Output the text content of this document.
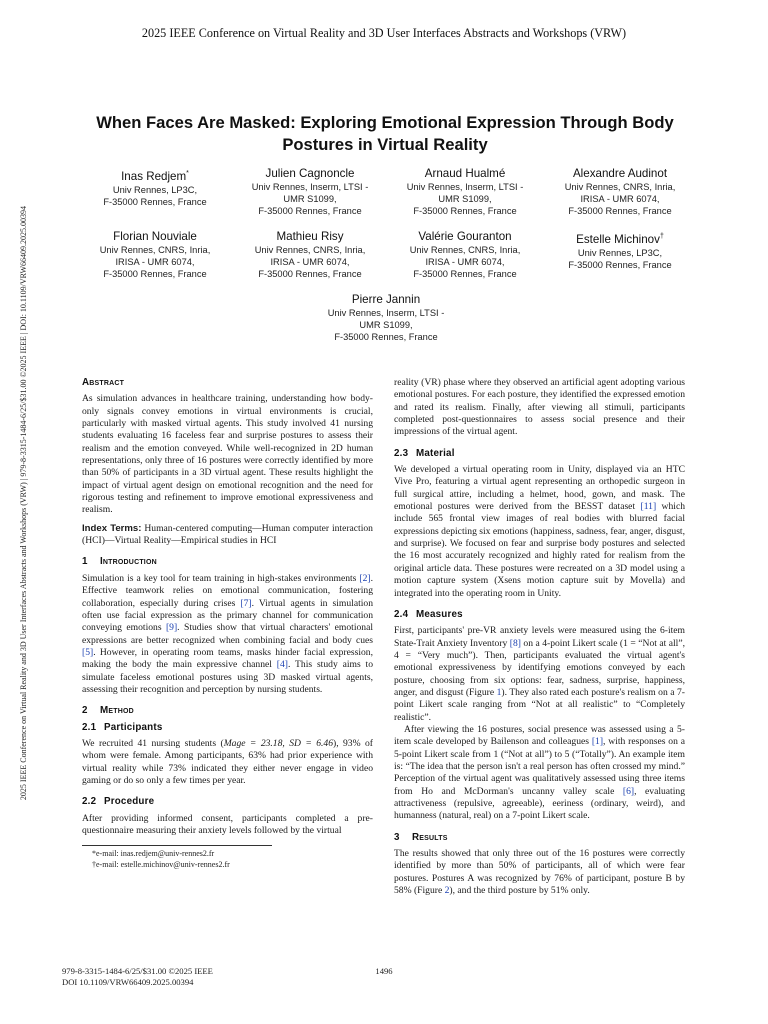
2025 IEEE Conference on Virtual Reality and 3D User Interfaces Abstracts and Workshops (VRW)
2025 IEEE Conference on Virtual Reality and 3D User Interfaces Abstracts and Workshops (VRW) | 979-8-3315-1484-6/25/$31.00 ©2025 IEEE | DOI: 10.1109/VRW66409.2025.00394
When Faces Are Masked: Exploring Emotional Expression Through Body Postures in Virtual Reality
Inas Redjem*
Univ Rennes, LP3C,
F-35000 Rennes, France
Julien Cagnoncle
Univ Rennes, Inserm, LTSI -
UMR S1099,
F-35000 Rennes, France
Arnaud Hualmé
Univ Rennes, Inserm, LTSI -
UMR S1099,
F-35000 Rennes, France
Alexandre Audinot
Univ Rennes, CNRS, Inria,
IRISA - UMR 6074,
F-35000 Rennes, France
Florian Nouviale
Univ Rennes, CNRS, Inria,
IRISA - UMR 6074,
F-35000 Rennes, France
Mathieu Risy
Univ Rennes, CNRS, Inria,
IRISA - UMR 6074,
F-35000 Rennes, France
Valérie Gouranton
Univ Rennes, CNRS, Inria,
IRISA - UMR 6074,
F-35000 Rennes, France
Estelle Michinov†
Univ Rennes, LP3C,
F-35000 Rennes, France
Pierre Jannin
Univ Rennes, Inserm, LTSI -
UMR S1099,
F-35000 Rennes, France
Abstract

As simulation advances in healthcare training, understanding how body-only signals convey emotions in virtual environments is crucial, particularly with masked virtual agents. This study involved 41 nursing students evaluating 16 faceless fear and surprise postures to assess their realism and the emotion conveyed. While well-recognized in 2D human representations, only three of 16 postures were correctly identified by more than 50% of participants in a 3D virtual agent. These results highlight the impact of virtual agent design on emotional recognition and the need for rigorous testing and refinement to improve emotional expressiveness and realism.

Index Terms: Human-centered computing—Human computer interaction (HCI)—Virtual Reality—Empirical studies in HCI

1 Introduction

Simulation is a key tool for team training in high-stakes environments [2]. Effective teamwork relies on emotional communication, fostering collaboration, especially during crises [7]. Virtual agents in simulation often use facial expression as the primary channel for communication conveying emotions [9]. Studies show that virtual characters' emotional expressions are better recognized when combining facial and body cues [5]. However, in operating room teams, masks hinder facial expression, making the body the main expressive channel [4]. This study aims to simulate faceless emotional postures using 3D masked virtual agents, assessing their recognition and perception by nursing students.

2 Method
2.1 Participants

We recruited 41 nursing students (Mage = 23.18, SD = 6.46), 93% of whom were female. Among participants, 63% had prior experience with virtual reality while 73% indicated they either never engage in video gaming or do so only a few times per year.

2.2 Procedure

After providing informed consent, participants completed a pre-questionnaire measuring their anxiety levels followed by the virtual

*e-mail: inas.redjem@univ-rennes2.fr
†e-mail: estelle.michinov@univ-rennes2.fr

reality (VR) phase where they observed an artificial agent adopting various emotional postures. For each posture, they identified the expressed emotion and rated its realism. Finally, after viewing all stimuli, participants completed post-questionnaires to assess social presence and their impressions of the virtual agent.

2.3 Material

We developed a virtual operating room in Unity, displayed via an HTC Vive Pro, featuring a virtual agent representing an orthopedic surgeon in full surgical attire, including a helmet, hood, gown, and mask. The emotional postures were derived from the BESST dataset [11] which include 565 frontal view images of real bodies with blurred facial expressions depicting six emotions (happiness, sadness, fear, anger, disgust, and surprise). We focused on fear and surprise body postures and selected the 16 most accurately recognized and highly rated for realism from the original article data. These postures were recreated on a 3D model using a motion capture system (Xsens motion capture suit by Movella) and integrated into the operating room in Unity.

2.4 Measures

First, participants' pre-VR anxiety levels were measured using the 6-item State-Trait Anxiety Inventory [8] on a 4-point Likert scale (1 = “Not at all”, 4 = “Very much”). Then, participants evaluated the virtual agent's emotional expressiveness by identifying emotions conveyed by each posture, choosing from six options: fear, sadness, surprise, happiness, anger, and disgust (Figure 1). They also rated each posture's realism on a 7-point Likert scale ranging from “Not at all realistic” to “Completely realistic”.

After viewing the 16 postures, social presence was assessed using a 5-item scale developed by Bailenson and colleagues [1], with responses on a 5-point Likert scale from 1 (“Not at all”) to 5 (“Totally”). An example item is: “The idea that the person isn't a real person has often crossed my mind.” Perception of the virtual agent was qualitatively assessed using three items from Ho and McDorman's uncanny valley scale [6], evaluating attractiveness (repulsive, agreeable), eeriness (ordinary, weird), and humanness (natural, real) on a 7-point Likert scale.

3 Results

The results showed that only three out of the 16 postures were correctly identified by more than 50% of participants, all of which were fear postures. Postures A was recognized by 76% of participant, posture B by 58% (Figure 2), and the third posture by 51% only.

979-8-3315-1484-6/25/$31.00 ©2025 IEEE
DOI 10.1109/VRW66409.2025.00394
1496
